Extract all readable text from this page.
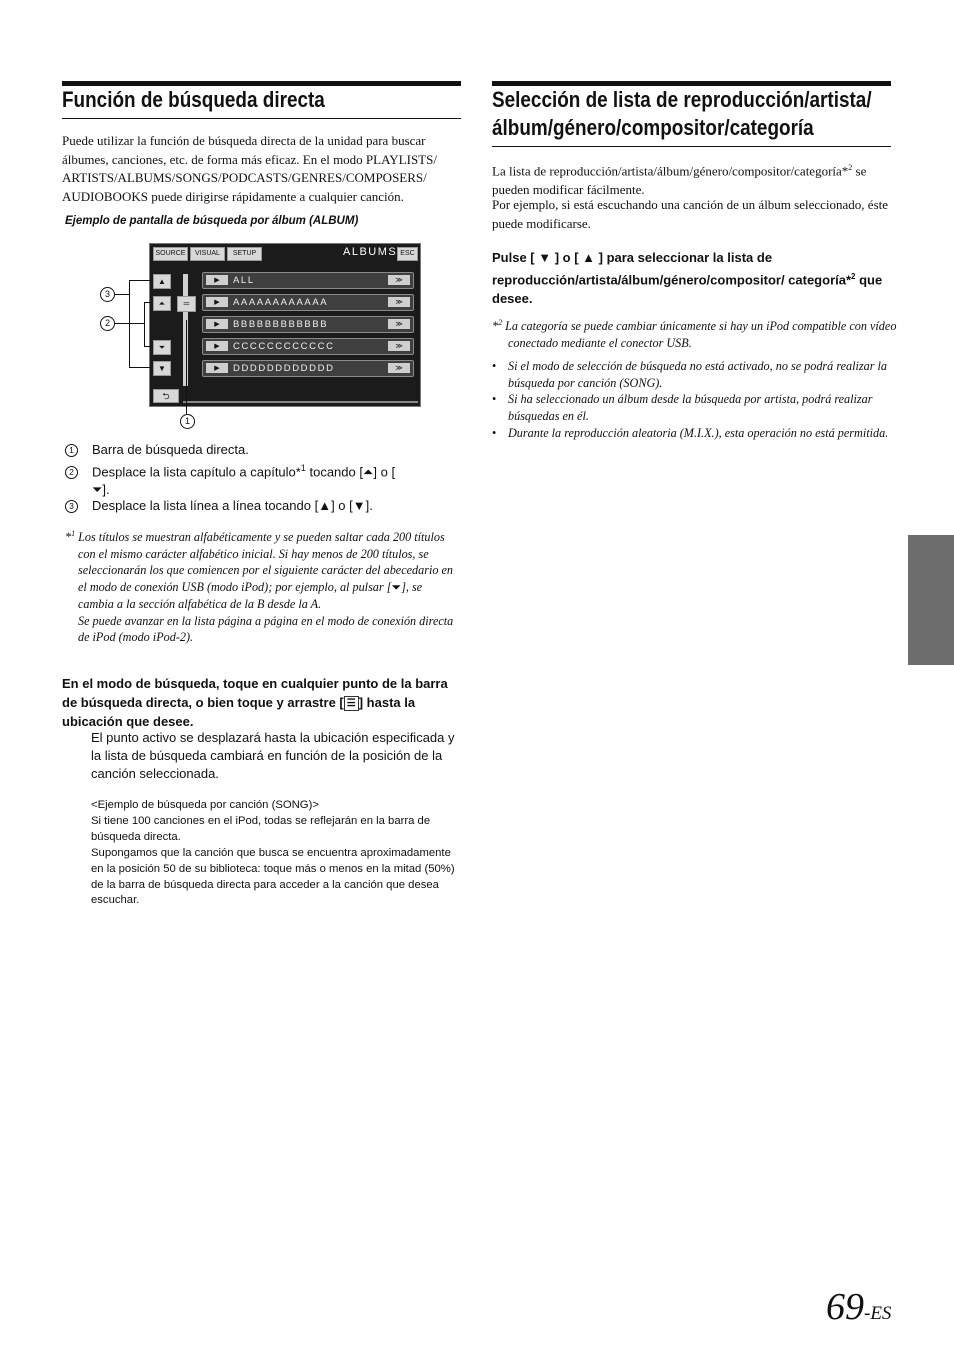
Función de búsqueda directa
Puede utilizar la función de búsqueda directa de la unidad para buscar álbumes, canciones, etc. de forma más eficaz. En el modo PLAYLISTS/ ARTISTS/ALBUMS/SONGS/PODCASTS/GENRES/COMPOSERS/ AUDIOBOOKS puede dirigirse rápidamente a cualquier canción.
Ejemplo de pantalla de búsqueda por álbum (ALBUM)
SOURCE	VISUAL	SETUP	ALBUMS ESC
▲
⏶
⏷
▼
═
▶	ALL	≫
▶	AAAAAAAAAAAA	≫
▶	BBBBBBBBBBBB	≫
▶	CCCCCCCCCCCC	≫
▶	DDDDDDDDDDDD	≫
⮌
3
2
1
1 Barra de búsqueda directa.
2 Desplace la lista capítulo a capítulo*$^1$ tocando [⏶] o [
⏷].
3 Desplace la lista línea a línea tocando [▲] o [▼].
*$^1$ Los títulos se muestran alfabéticamente y se pueden saltar cada 200 títulos con el mismo carácter alfabético inicial. Si hay menos de 200 títulos, se seleccionarán los que comiencen por el siguiente carácter del abecedario en el modo de conexión USB (modo iPod); por ejemplo, al pulsar [⏷], se cambia a la sección alfabética de la B desde la A.
Se puede avanzar en la lista página a página en el modo de conexión directa de iPod (modo iPod-2).
En el modo de búsqueda, toque en cualquier punto de la barra de búsqueda directa, o bien toque y arrastre [ ☰ ] hasta la ubicación que desee.
El punto activo se desplazará hasta la ubicación especificada y la lista de búsqueda cambiará en función de la posición de la canción seleccionada.
<Ejemplo de búsqueda por canción (SONG)>
Si tiene 100 canciones en el iPod, todas se reflejarán en la barra de búsqueda directa.
Supongamos que la canción que busca se encuentra aproximadamente en la posición 50 de su biblioteca: toque más o menos en la mitad (50%) de la barra de búsqueda directa para acceder a la canción que desea escuchar.
Selección de lista de reproducción/artista/
álbum/género/compositor/categoría
La lista de reproducción/artista/álbum/género/compositor/categoría*$^2$ se pueden modificar fácilmente.
Por ejemplo, si está escuchando una canción de un álbum seleccionado, éste puede modificarse.
Pulse [ ▼ ] o [ ▲ ] para seleccionar la lista de reproducción/artista/álbum/género/compositor/ categoría*$^2$ que desee.
*$^2$ La categoría se puede cambiar únicamente si hay un iPod compatible con vídeo conectado mediante el conector USB.
• Si el modo de selección de búsqueda no está activado, no se podrá realizar la búsqueda por canción (SONG).
• Si ha seleccionado un álbum desde la búsqueda por artista, podrá realizar búsquedas en él.
• Durante la reproducción aleatoria (M.I.X.), esta operación no está permitida.
69-ES
